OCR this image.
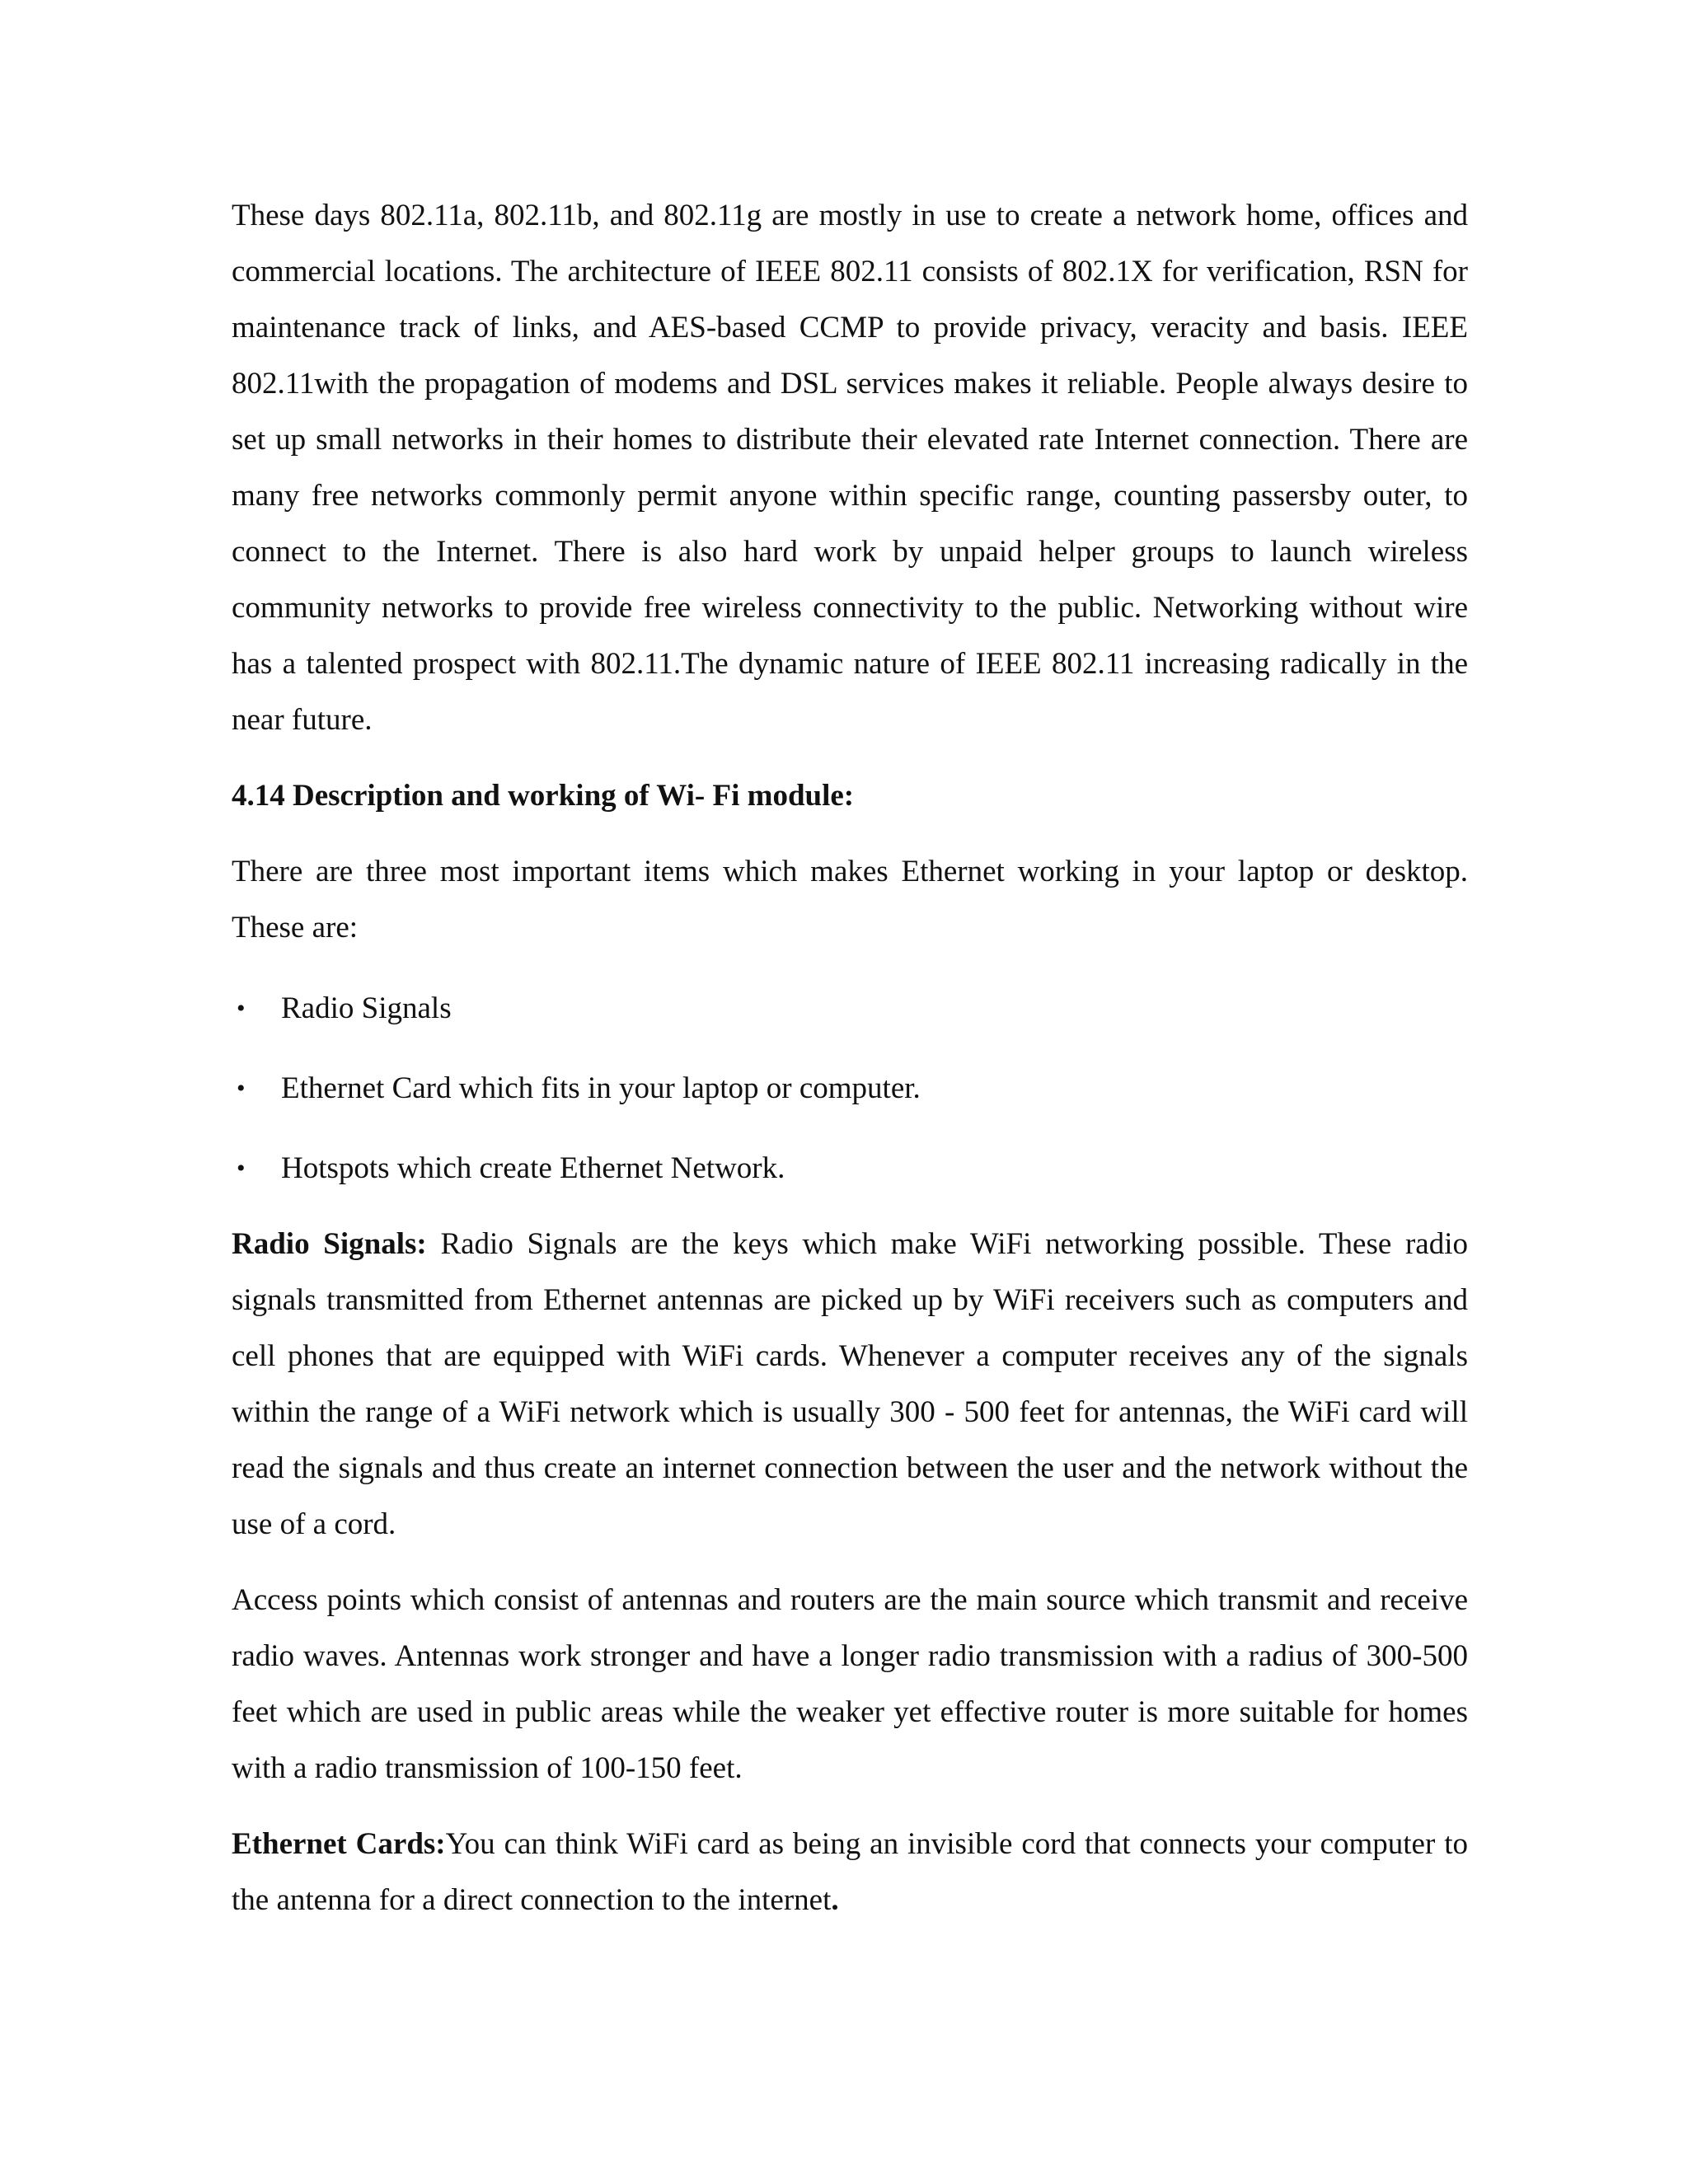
These days 802.11a, 802.11b, and 802.11g are mostly in use to create a network home, offices and commercial locations. The architecture of IEEE 802.11 consists of 802.1X for verification, RSN for maintenance track of links, and AES-based CCMP to provide privacy, veracity and basis. IEEE 802.11with the propagation of modems and DSL services makes it reliable. People always desire to set up small networks in their homes to distribute their elevated rate Internet connection. There are many free networks commonly permit anyone within specific range, counting passersby outer, to connect to the Internet. There is also hard work by unpaid helper groups to launch wireless community networks to provide free wireless connectivity to the public. Networking without wire has a talented prospect with 802.11.The dynamic nature of IEEE 802.11 increasing radically in the near future.

4.14 Description and working of Wi- Fi module:

There are three most important items which makes Ethernet working in your laptop or desktop. These are:

• Radio Signals
• Ethernet Card which fits in your laptop or computer.
• Hotspots which create Ethernet Network.

Radio Signals: Radio Signals are the keys which make WiFi networking possible. These radio signals transmitted from Ethernet antennas are picked up by WiFi receivers such as computers and cell phones that are equipped with WiFi cards. Whenever a computer receives any of the signals within the range of a WiFi network which is usually 300 - 500 feet for antennas, the WiFi card will read the signals and thus create an internet connection between the user and the network without the use of a cord.

Access points which consist of antennas and routers are the main source which transmit and receive radio waves. Antennas work stronger and have a longer radio transmission with a radius of 300-500 feet which are used in public areas while the weaker yet effective router is more suitable for homes with a radio transmission of 100-150 feet.

Ethernet Cards:You can think WiFi card as being an invisible cord that connects your computer to the antenna for a direct connection to the internet.
